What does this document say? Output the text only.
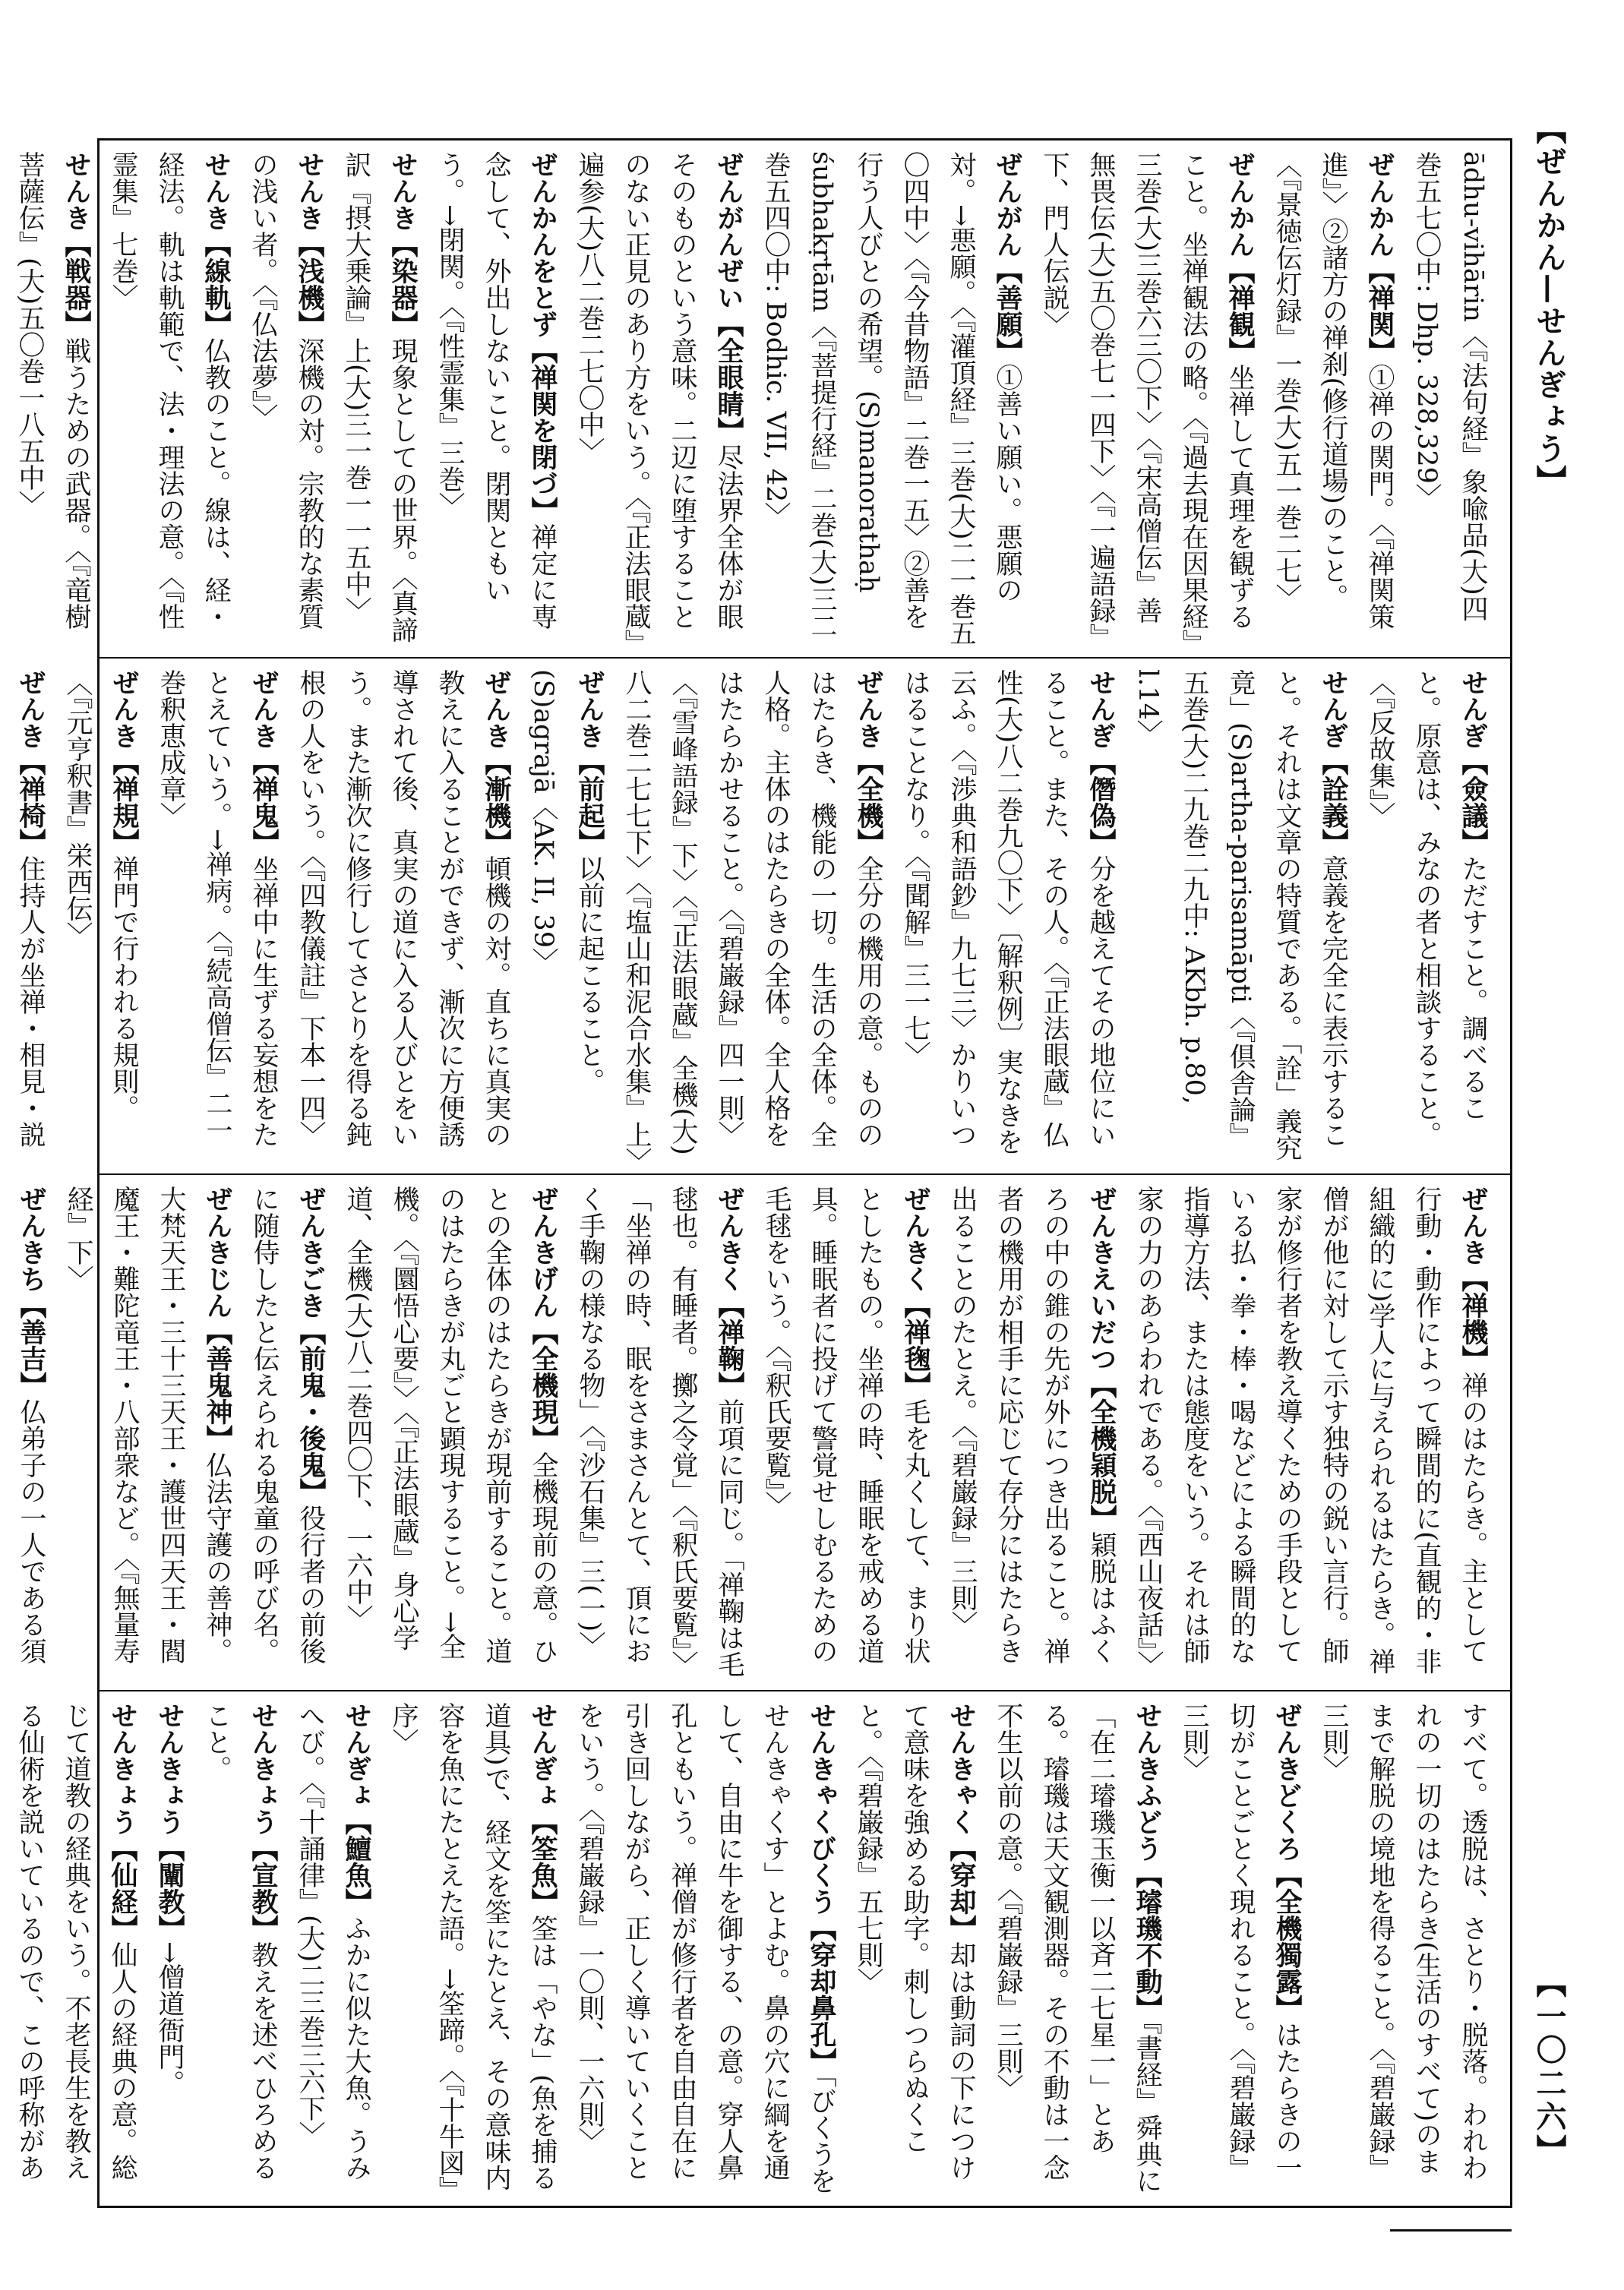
【ぜんかん—せんぎょう】
【一〇二六】
ādhu-vihārin〈『法句経』象喩品(大)四巻五七〇中: Dhp. 328,329〉
ぜんかん【禅関】①禅の関門。〈『禅関策進』〉②諸方の禅刹(修行道場)のこと。〈『景徳伝灯録』一巻(大)五一巻二七〉
ぜんかん【禅観】坐禅して真理を観ずること。坐禅観法の略。〈『過去現在因果経』三巻(大)三巻六三〇下〉〈『宋高僧伝』善無畏伝(大)五〇巻七一四下〉〈『一遍語録』下、門人伝説〉
ぜんがん【善願】①善い願い。悪願の対。→悪願。〈『灌頂経』三巻(大)二一巻五〇四中〉〈『今昔物語』二巻一五〉②善を行う人びとの希望。(S)manorathaḥ śubhakṛtām〈『菩提行経』二巻(大)三二巻五四〇中: Bodhic. VII, 42〉
ぜんがんぜい【全眼睛】尽法界全体が眼そのものという意味。二辺に堕することのない正見のあり方をいう。〈『正法眼蔵』遍参(大)八二巻二七〇中〉
ぜんかんをとず【禅関を閉づ】禅定に専念して、外出しないこと。閉関ともいう。→閉関。〈『性霊集』三巻〉
せんき【染器】現象としての世界。〈真諦訳『摂大乗論』上(大)三一巻一一五中〉
せんき【浅機】深機の対。宗教的な素質の浅い者。〈『仏法夢』〉
せんき【線軌】仏教のこと。線は、経・経法。軌は軌範で、法・理法の意。〈『性霊集』七巻〉
せんき【戦器】戦うための武器。〈『竜樹菩薩伝』(大)五〇巻一八五中〉
せんぎ【僉議】ただすこと。調べること。原意は、みなの者と相談すること。〈『反故集』〉
せんぎ【詮義】意義を完全に表示すること。それは文章の特質である。「詮」義究竟」(S)artha-parisamāpti〈『倶舎論』五巻(大)二九巻二九中: AKbh. p.80, l.14〉
せんぎ【僭偽】分を越えてその地位にいること。また、その人。〈『正法眼蔵』仏性(大)八二巻九〇下〉〔解釈例〕実なきを云ふ。〈『渉典和語鈔』九七三〉かりいつはることなり。〈『聞解』三一七〉
ぜんき【全機】全分の機用の意。もののはたらき、機能の一切。生活の全体。全人格。主体のはたらきの全体。全人格をはたらかせること。〈『碧巌録』四一則〉〈『雪峰語録』下〉〈『正法眼蔵』全機(大)八二巻二七七下〉〈『塩山和泥合水集』上〉
ぜんき【前起】以前に起こること。(S)agrajā〈AK. II, 39〉
ぜんき【漸機】頓機の対。直ちに真実の教えに入ることができず、漸次に方便誘導されて後、真実の道に入る人びとをいう。また漸次に修行してさとりを得る鈍根の人をいう。〈『四教儀註』下本一四〉
ぜんき【禅鬼】坐禅中に生ずる妄想をたとえていう。→禅病。〈『続高僧伝』二一巻釈恵成章〉
ぜんき【禅規】禅門で行われる規則。〈『元亨釈書』栄西伝〉
ぜんき【禅椅】住持人が坐禅・相見・説
ぜんき【禅機】禅のはたらき。主として行動・動作によって瞬間的に(直観的・非組織的に)学人に与えられるはたらき。禅僧が他に対して示す独特の鋭い言行。師家が修行者を教え導くための手段としている払・拳・棒・喝などによる瞬間的な指導方法、または態度をいう。それは師家の力のあらわれである。〈『西山夜話』〉
ぜんきえいだつ【全機穎脱】穎脱はふくろの中の錐の先が外につき出ること。禅者の機用が相手に応じて存分にはたらき出ることのたとえ。〈『碧巌録』三則〉
ぜんきく【禅毱】毛を丸くして、まり状としたもの。坐禅の時、睡眠を戒める道具。睡眠者に投げて警覚せしむるための毛毬をいう。〈『釈氏要覧』〉
ぜんきく【禅鞠】前項に同じ。「禅鞠は毛毬也。有睡者。擲之令覚」〈『釈氏要覧』〉「坐禅の時、眠をさまさんとて、頂におく手鞠の様なる物」〈『沙石集』三(一)〉
ぜんきげん【全機現】全機現前の意。ひとの全体のはたらきが現前すること。道のはたらきが丸ごと顕現すること。→全機。〈『圜悟心要』〉〈『正法眼蔵』身心学道、全機(大)八二巻四〇下、一六中〉
ぜんきごき【前鬼・後鬼】役行者の前後に随侍したと伝えられる鬼童の呼び名。
ぜんきじん【善鬼神】仏法守護の善神。大梵天王・三十三天王・護世四天王・閻魔王・難陀竜王・八部衆など。〈『無量寿経』下〉
ぜんきち【善吉】仏弟子の一人である須
すべて。透脱は、さとり・脱落。われわれの一切のはたらき(生活のすべて)のままで解脱の境地を得ること。〈『碧巌録』三則〉
ぜんきどくろ【全機獨露】はたらきの一切がことごとく現れること。〈『碧巌録』三則〉
せんきふどう【璿璣不動】『書経』舜典に「在二璿璣玉衡一以斉二七星一」とある。璿璣は天文観測器。その不動は一念不生以前の意。〈『碧巌録』三則〉
せんきゃく【穿却】却は動詞の下につけて意味を強める助字。刺しつらぬくこと。〈『碧巌録』五七則〉
せんきゃくびくう【穿却鼻孔】「びくうをせんきゃくす」とよむ。鼻の穴に綱を通して、自由に牛を御する、の意。穿人鼻孔ともいう。禅僧が修行者を自由自在に引き回しながら、正しく導いていくことをいう。〈『碧巌録』一〇則、一六則〉
せんぎょ【筌魚】筌は「やな」(魚を捕る道具)で、経文を筌にたとえ、その意味内容を魚にたとえた語。→筌蹄。〈『十牛図』序〉
せんぎょ【鱣魚】ふかに似た大魚。うみへび。〈『十誦律』(大)二三巻三六下〉
せんきょう【宣教】教えを述べひろめること。
せんきょう【闡教】→僧道衙門。
せんきょう【仙経】仙人の経典の意。総じて道教の経典をいう。不老長生を教える仙術を説いているので、この呼称があ
